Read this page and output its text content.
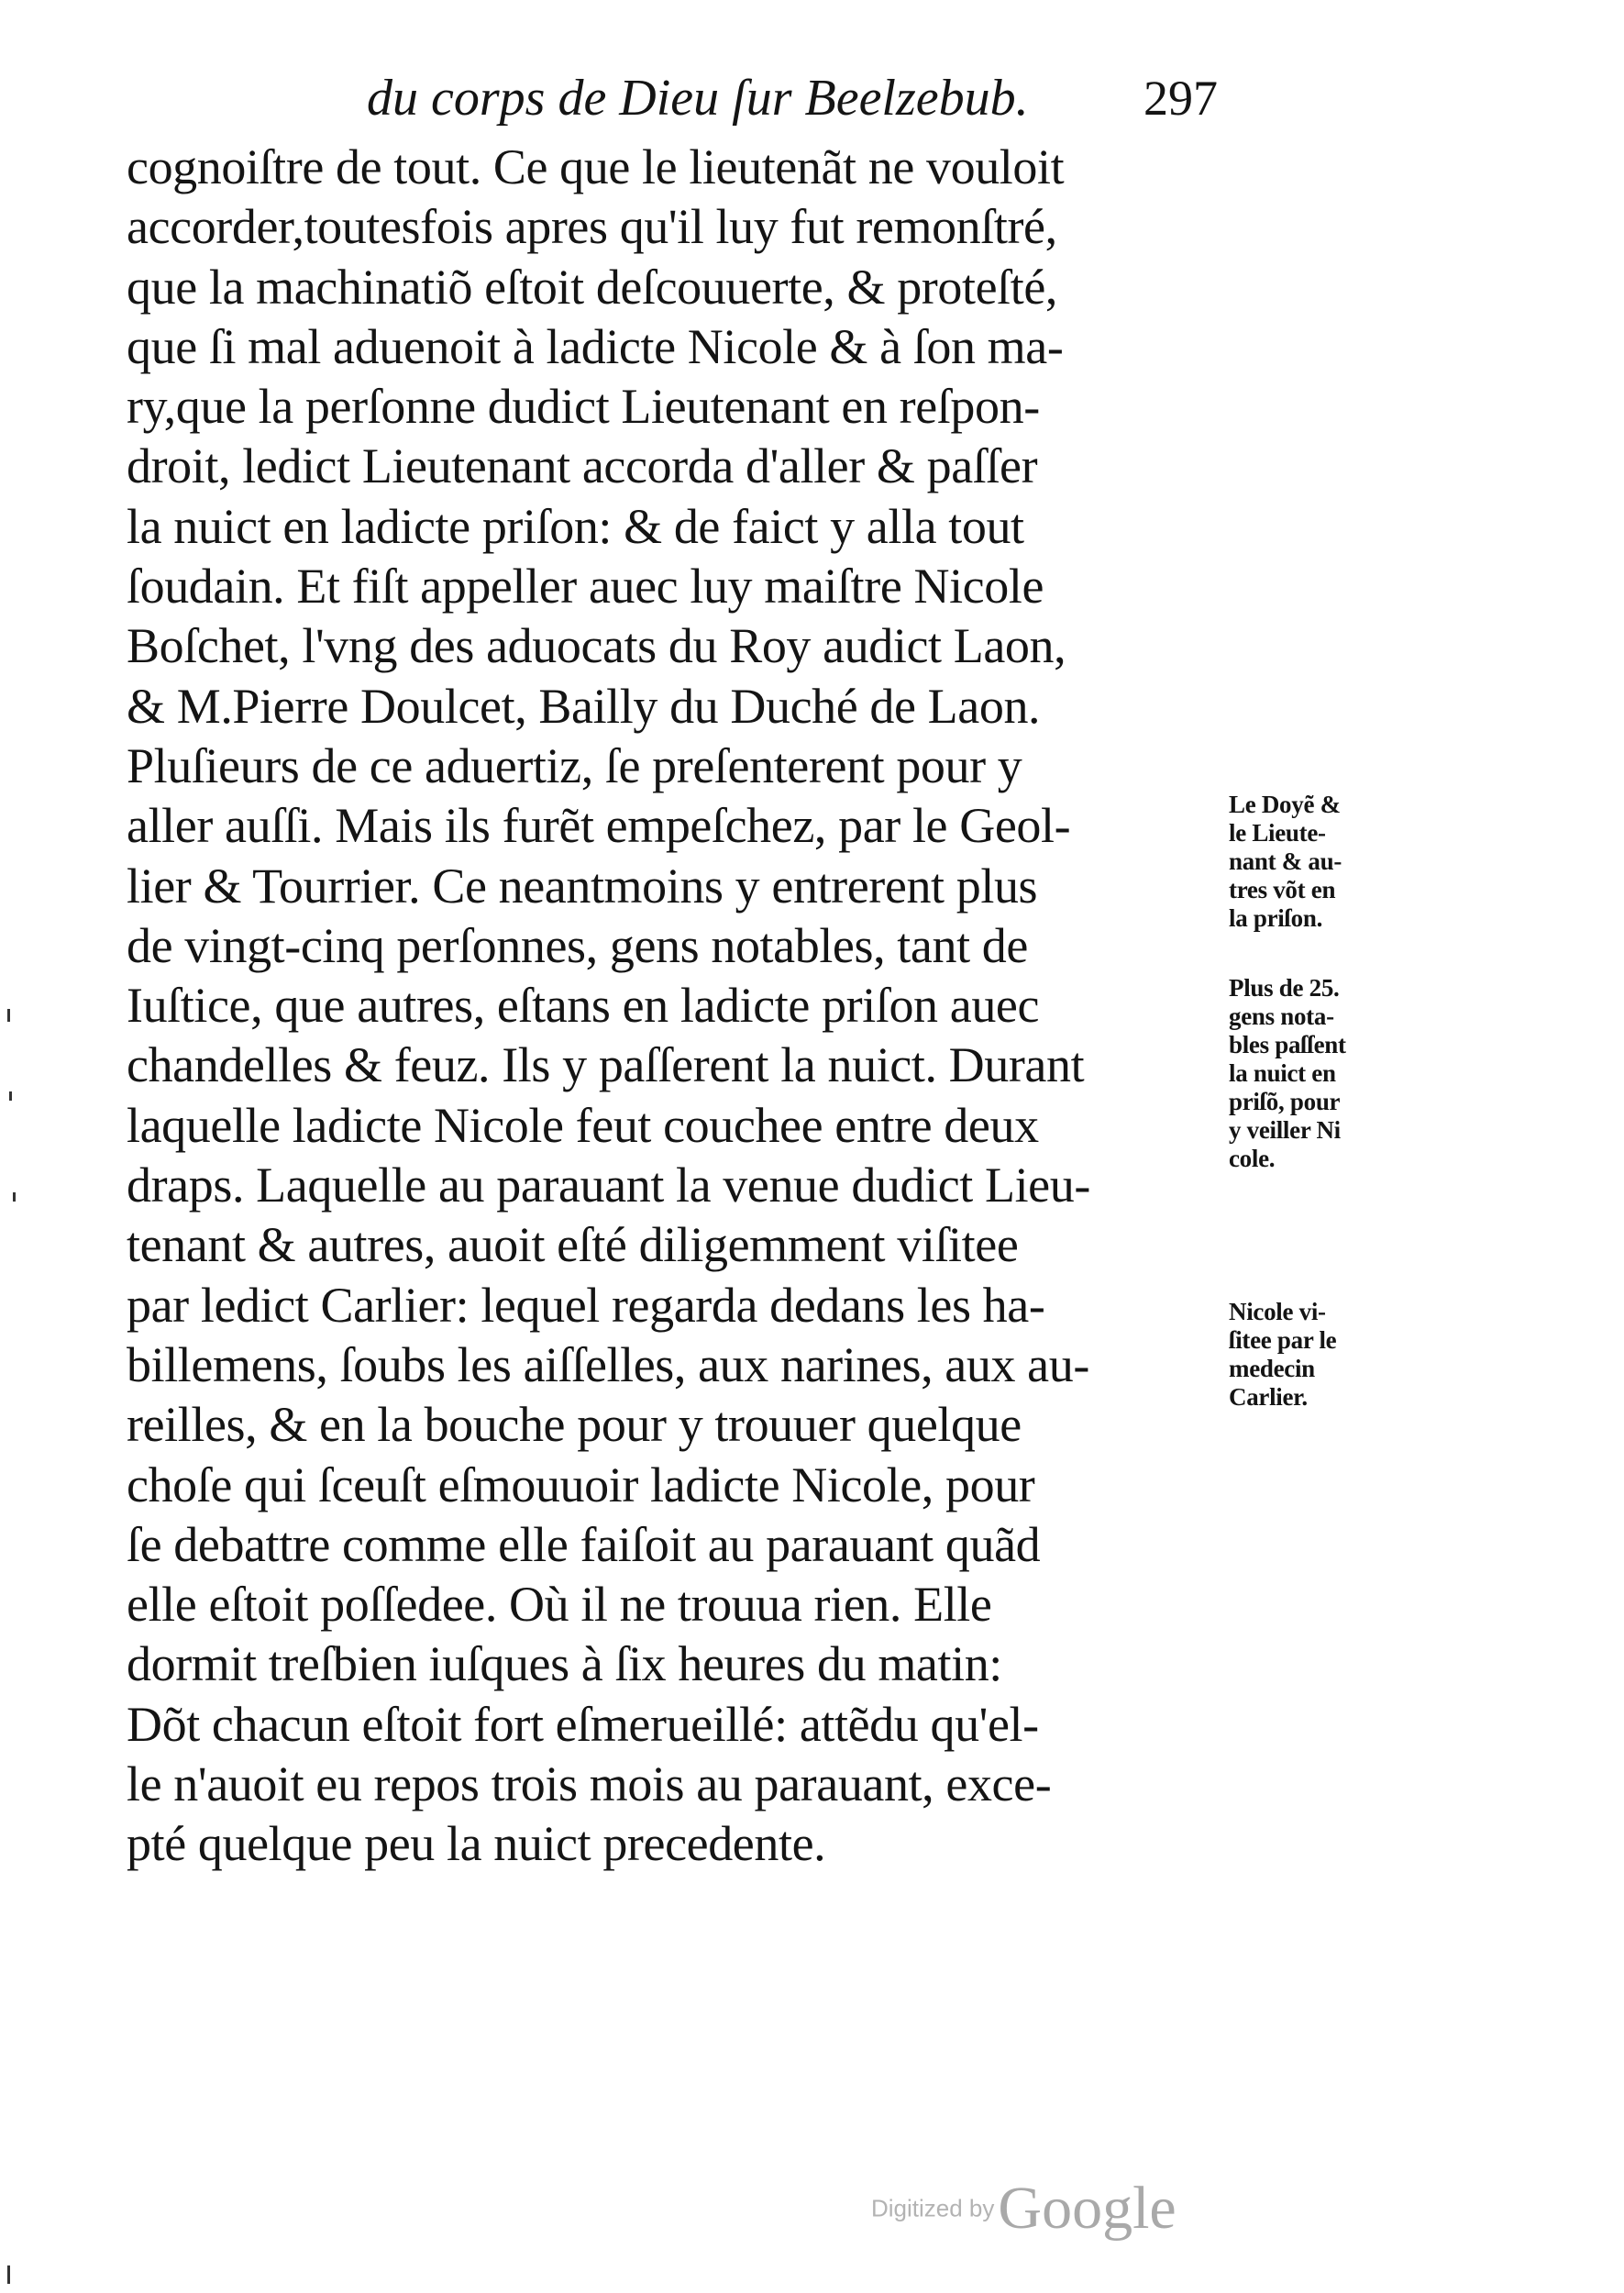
du corps de Dieu ſur Beelzebub. 297
cognoiſtre de tout. Ce que le lieutenãt ne vouloit
accorder,toutesfois apres qu'il luy fut remonſtré,
que la machinatiõ eſtoit deſcouuerte, & proteſté,
que ſi mal aduenoit à ladicte Nicole & à ſon ma-
ry,que la perſonne dudict Lieutenant en reſpon-
droit, ledict Lieutenant accorda d'aller & paſſer
la nuict en ladicte priſon: & de faict y alla tout
ſoudain. Et fiſt appeller auec luy maiſtre Nicole
Boſchet, l'vng des aduocats du Roy audict Laon,
& M.Pierre Doulcet, Bailly du Duché de Laon.
Pluſieurs de ce aduertiz, ſe preſenterent pour y
aller auſſi. Mais ils furẽt empeſchez, par le Geol-
lier & Tourrier. Ce neantmoins y entrerent plus
de vingt-cinq perſonnes, gens notables, tant de
Iuſtice, que autres, eſtans en ladicte priſon auec
chandelles & feuz. Ils y paſſerent la nuict. Durant
laquelle ladicte Nicole feut couchee entre deux
draps. Laquelle au parauant la venue dudict Lieu-
tenant & autres, auoit eſté diligemment viſitee
par ledict Carlier: lequel regarda dedans les ha-
billemens, ſoubs les aiſſelles, aux narines, aux au-
reilles, & en la bouche pour y trouuer quelque
choſe qui ſceuſt eſmouuoir ladicte Nicole, pour
ſe debattre comme elle faiſoit au parauant quãd
elle eſtoit poſſedee. Où il ne trouua rien. Elle
dormit treſbien iuſques à ſix heures du matin:
Dõt chacun eſtoit fort eſmerueillé: attẽdu qu'el-
le n'auoit eu repos trois mois au parauant, excе-
pté quelque peu la nuict precedente.
Le Doyẽ &
le Lieute-
nant & au-
tres võt en
la priſon.
Plus de 25.
gens nota-
bles paſſent
la nuict en
priſõ, pour
y veiller Ni
cole.
Nicole vi-
ſitee par le
medecin
Carlier.
Digitized by Google
